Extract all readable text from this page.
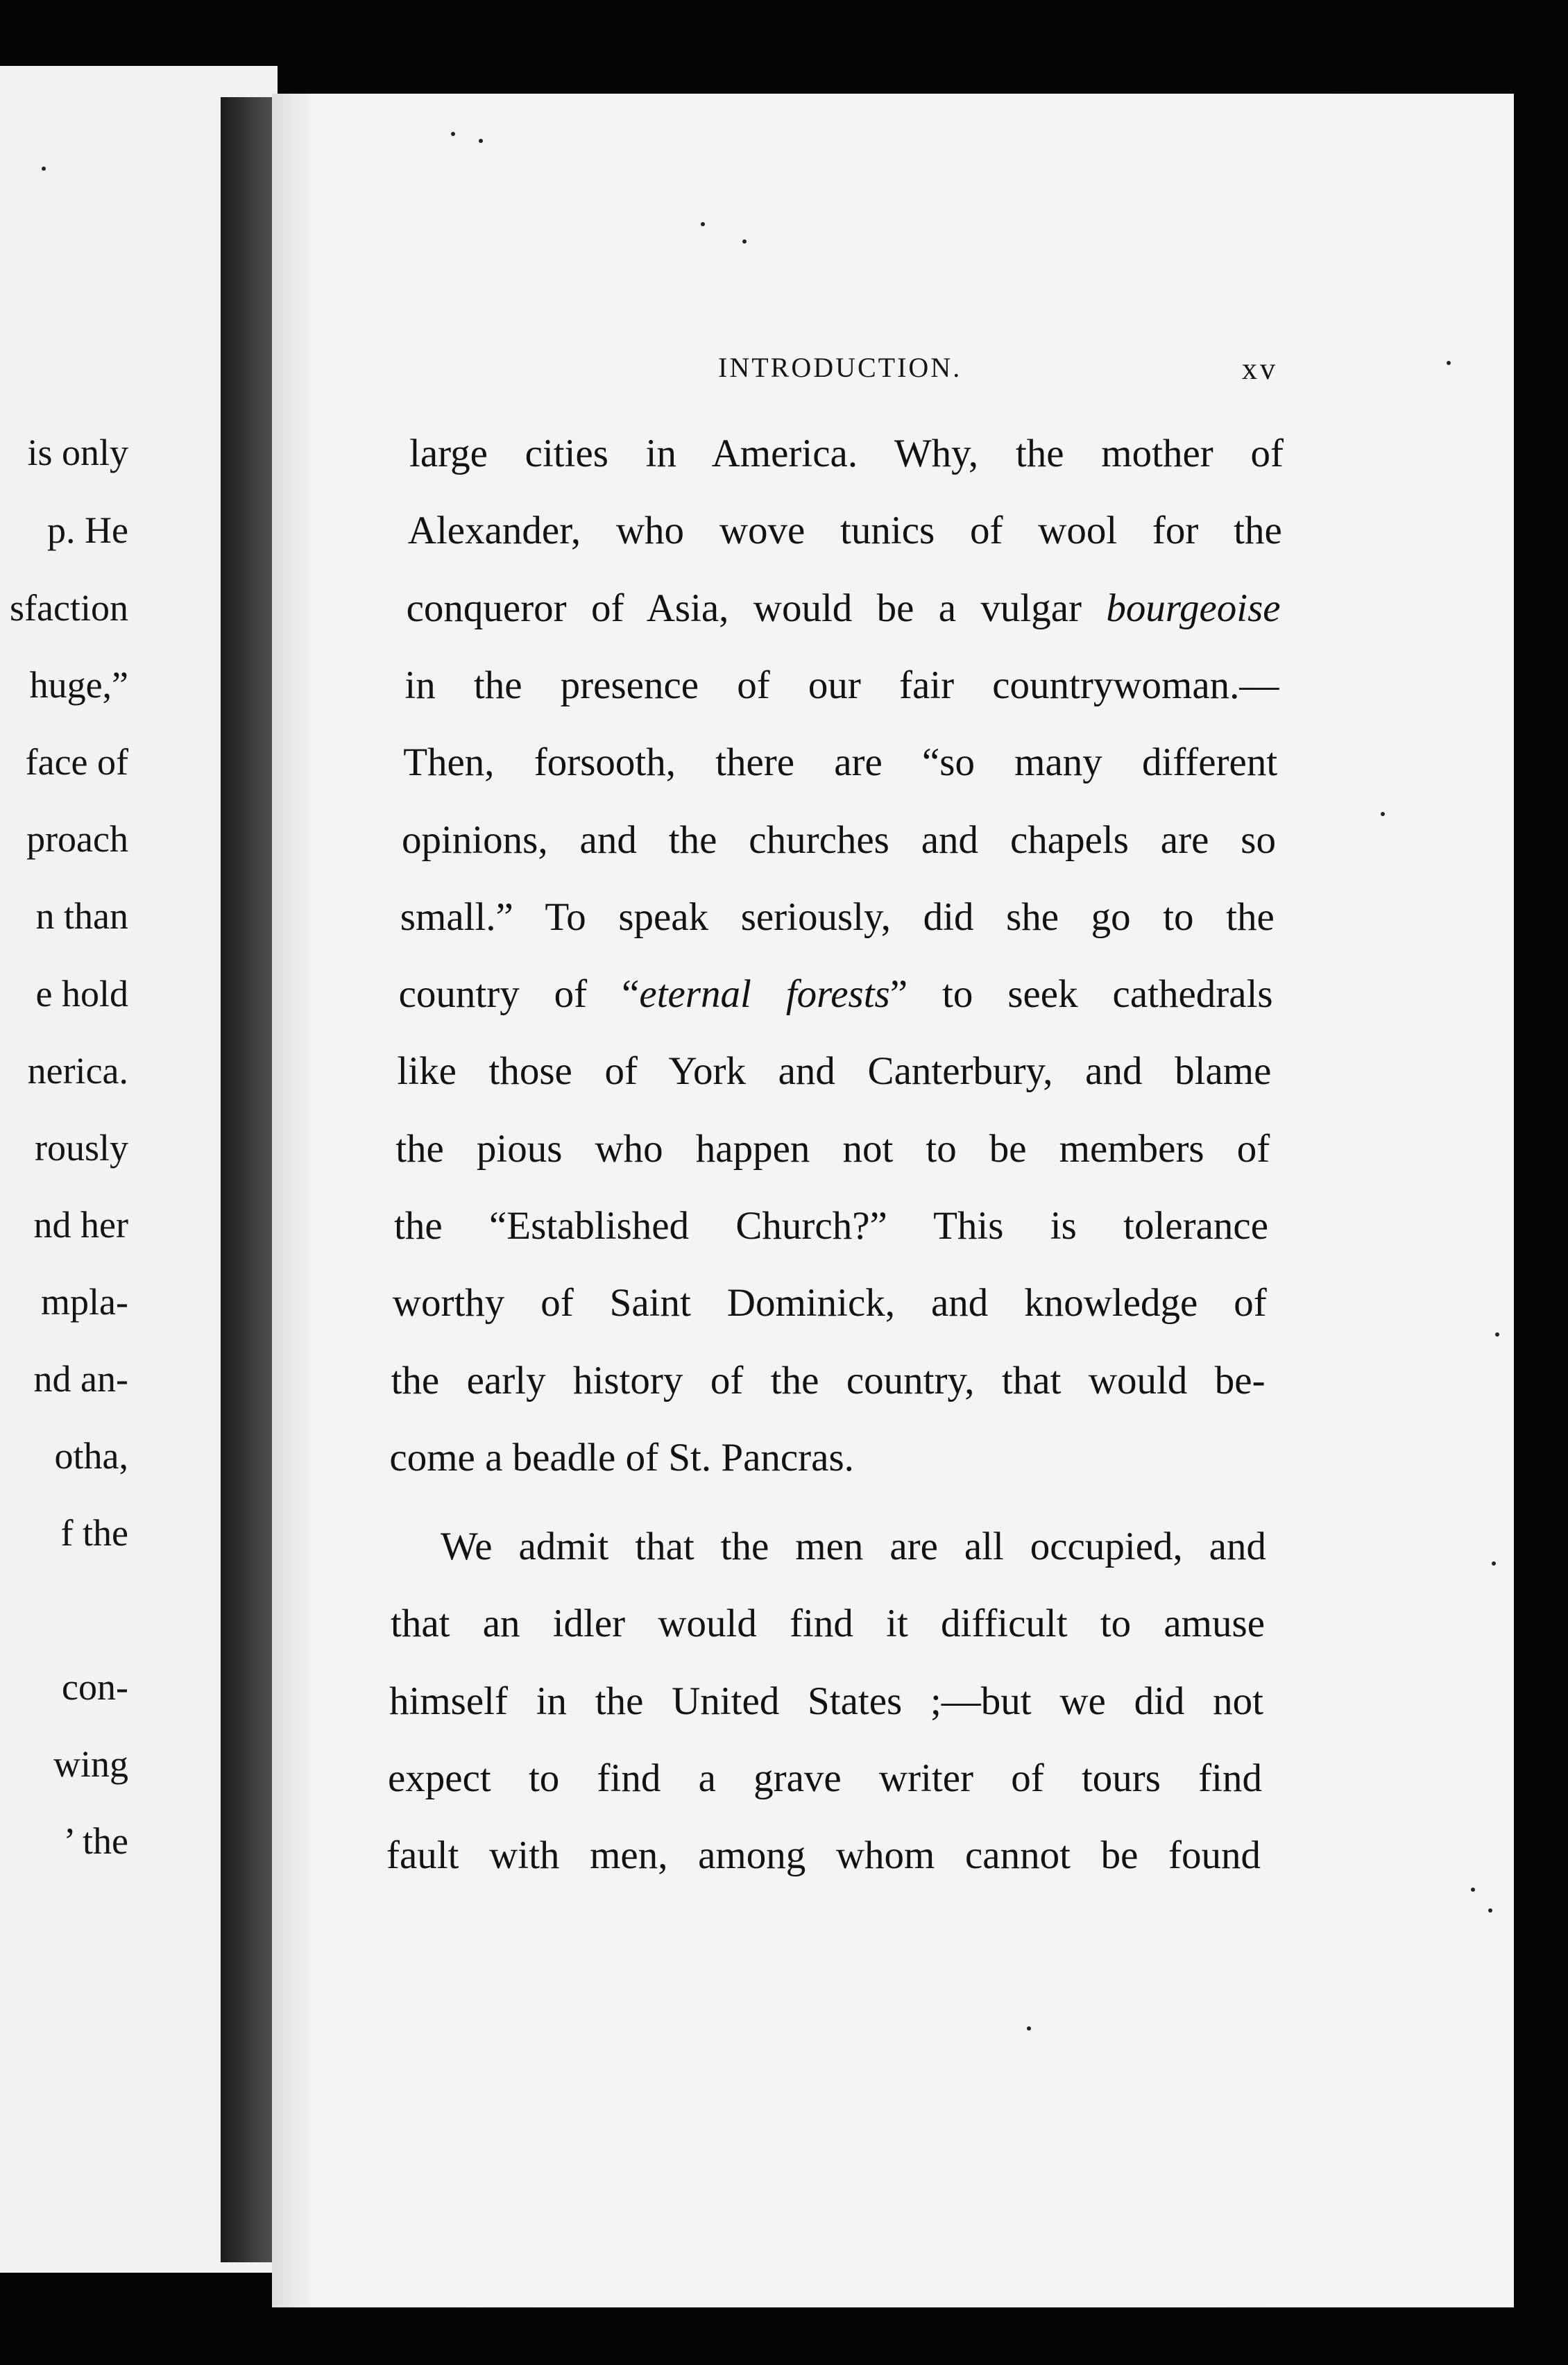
INTRODUCTION.	xv
large cities in America. Why, the mother of
Alexander, who wove tunics of wool for the
conqueror of Asia, would be a vulgar bourgeoise
in the presence of our fair countrywoman.—
Then, forsooth, there are “so many different
opinions, and the churches and chapels are so
small.” To speak seriously, did she go to the
country of “eternal forests” to seek cathedrals
like those of York and Canterbury, and blame
the pious who happen not to be members of
the “Established Church?” This is tolerance
worthy of Saint Dominick, and knowledge of
the early history of the country, that would be-
come a beadle of St. Pancras.
We admit that the men are all occupied, and
that an idler would find it difficult to amuse
himself in the United States ;—but we did not
expect to find a grave writer of tours find
fault with men, among whom cannot be found
is only
p. He
sfaction
huge,”
face of
proach
n than
e hold
nerica.
rously
nd her
mpla-
nd an-
otha,
f the
con-
wing
’ the
